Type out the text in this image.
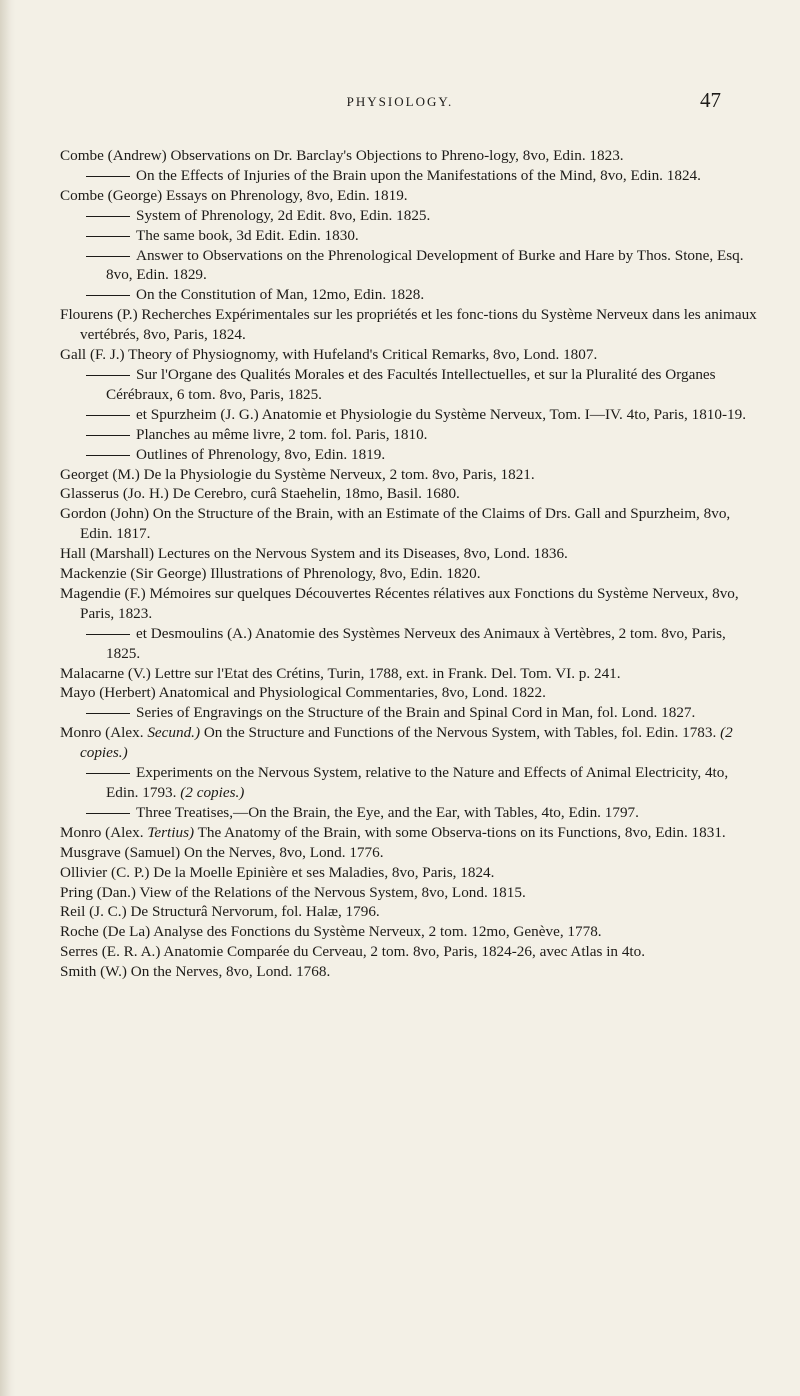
PHYSIOLOGY.	47
Combe (Andrew) Observations on Dr. Barclay's Objections to Phreno-logy, 8vo, Edin. 1823.
On the Effects of Injuries of the Brain upon the Manifestations of the Mind, 8vo, Edin. 1824.
Combe (George) Essays on Phrenology, 8vo, Edin. 1819.
System of Phrenology, 2d Edit. 8vo, Edin. 1825.
The same book, 3d Edit. Edin. 1830.
Answer to Observations on the Phrenological Development of Burke and Hare by Thos. Stone, Esq. 8vo, Edin. 1829.
On the Constitution of Man, 12mo, Edin. 1828.
Flourens (P.) Recherches Expérimentales sur les propriétés et les fonc-tions du Système Nerveux dans les animaux vertébrés, 8vo, Paris, 1824.
Gall (F. J.) Theory of Physiognomy, with Hufeland's Critical Remarks, 8vo, Lond. 1807.
Sur l'Organe des Qualités Morales et des Facultés Intellectuelles, et sur la Pluralité des Organes Cérébraux, 6 tom. 8vo, Paris, 1825.
et Spurzheim (J. G.) Anatomie et Physiologie du Système Nerveux, Tom. I—IV. 4to, Paris, 1810-19.
Planches au même livre, 2 tom. fol. Paris, 1810.
Outlines of Phrenology, 8vo, Edin. 1819.
Georget (M.) De la Physiologie du Système Nerveux, 2 tom. 8vo, Paris, 1821.
Glasserus (Jo. H.) De Cerebro, curâ Staehelin, 18mo, Basil. 1680.
Gordon (John) On the Structure of the Brain, with an Estimate of the Claims of Drs. Gall and Spurzheim, 8vo, Edin. 1817.
Hall (Marshall) Lectures on the Nervous System and its Diseases, 8vo, Lond. 1836.
Mackenzie (Sir George) Illustrations of Phrenology, 8vo, Edin. 1820.
Magendie (F.) Mémoires sur quelques Découvertes Récentes rélatives aux Fonctions du Système Nerveux, 8vo, Paris, 1823.
et Desmoulins (A.) Anatomie des Systèmes Nerveux des Animaux à Vertèbres, 2 tom. 8vo, Paris, 1825.
Malacarne (V.) Lettre sur l'Etat des Crétins, Turin, 1788, ext. in Frank. Del. Tom. VI. p. 241.
Mayo (Herbert) Anatomical and Physiological Commentaries, 8vo, Lond. 1822.
Series of Engravings on the Structure of the Brain and Spinal Cord in Man, fol. Lond. 1827.
Monro (Alex. Secund.) On the Structure and Functions of the Nervous System, with Tables, fol. Edin. 1783. (2 copies.)
Experiments on the Nervous System, relative to the Nature and Effects of Animal Electricity, 4to, Edin. 1793. (2 copies.)
Three Treatises,—On the Brain, the Eye, and the Ear, with Tables, 4to, Edin. 1797.
Monro (Alex. Tertius) The Anatomy of the Brain, with some Observa-tions on its Functions, 8vo, Edin. 1831.
Musgrave (Samuel) On the Nerves, 8vo, Lond. 1776.
Ollivier (C. P.) De la Moelle Epinière et ses Maladies, 8vo, Paris, 1824.
Pring (Dan.) View of the Relations of the Nervous System, 8vo, Lond. 1815.
Reil (J. C.) De Structurâ Nervorum, fol. Halæ, 1796.
Roche (De La) Analyse des Fonctions du Système Nerveux, 2 tom. 12mo, Genève, 1778.
Serres (E. R. A.) Anatomie Comparée du Cerveau, 2 tom. 8vo, Paris, 1824-26, avec Atlas in 4to.
Smith (W.) On the Nerves, 8vo, Lond. 1768.
